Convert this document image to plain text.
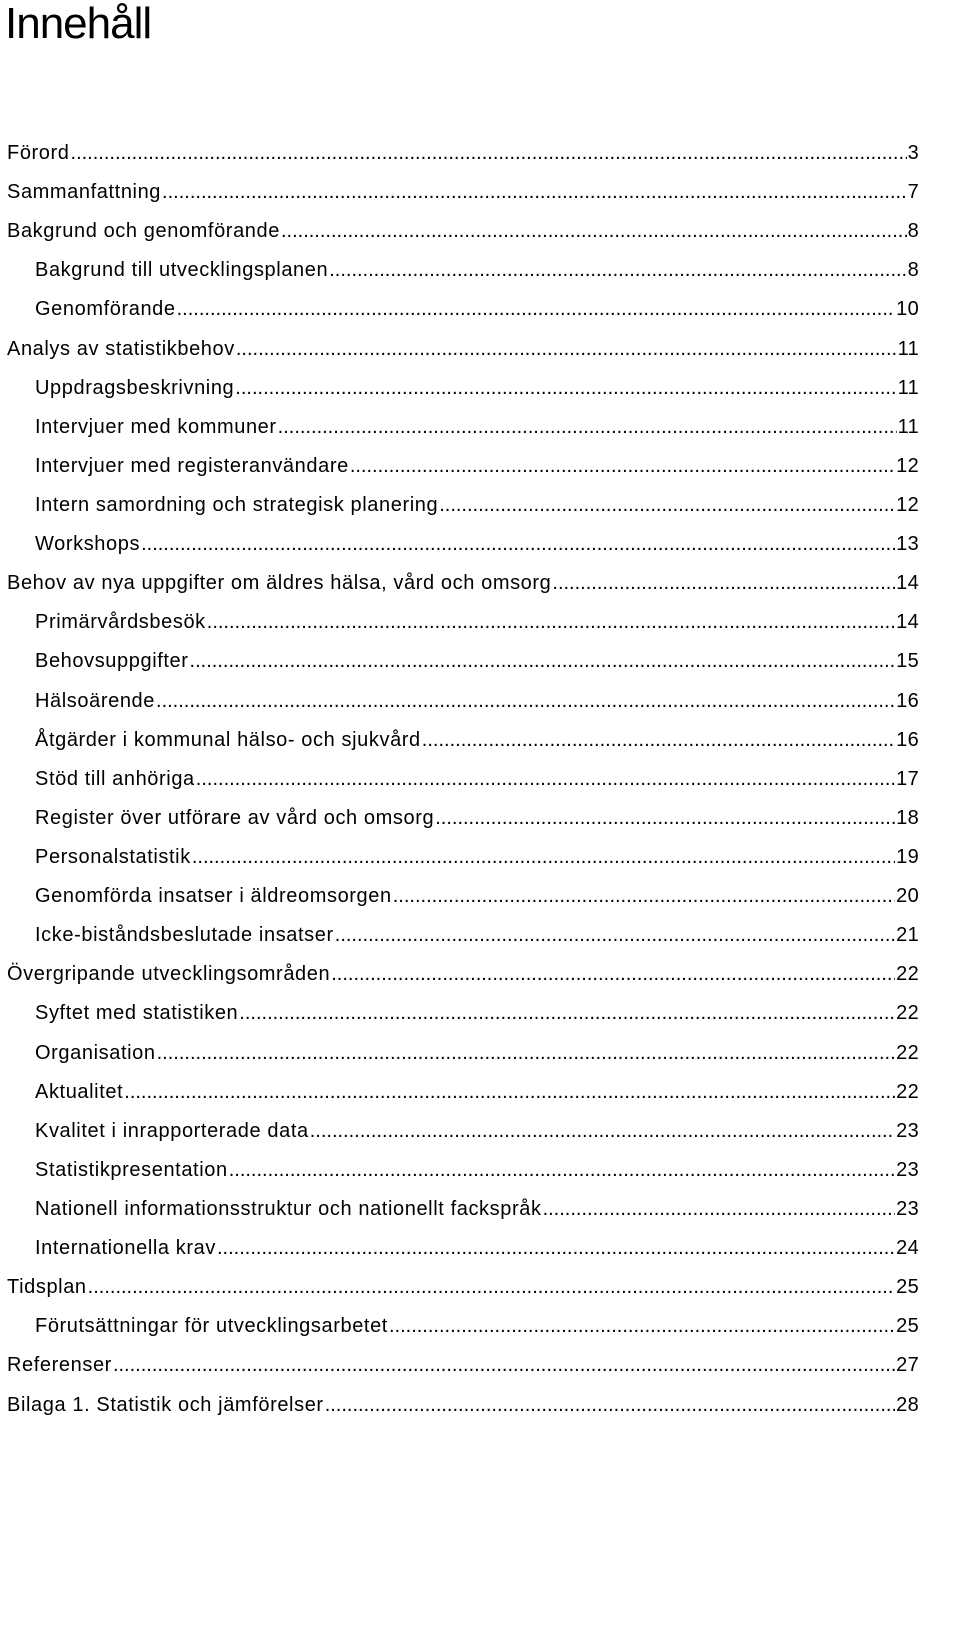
Innehåll
Förord .....	3
Sammanfattning .....	7
Bakgrund och genomförande .....	8
Bakgrund till utvecklingsplanen .....	8
Genomförande .....	10
Analys av statistikbehov .....	11
Uppdragsbeskrivning .....	11
Intervjuer med kommuner .....	11
Intervjuer med registeranvändare .....	12
Intern samordning och strategisk planering .....	12
Workshops .....	13
Behov av nya uppgifter om äldres hälsa, vård och omsorg .....	14
Primärvårdsbesök .....	14
Behovsuppgifter .....	15
Hälsoärende .....	16
Åtgärder i kommunal hälso- och sjukvård .....	16
Stöd till anhöriga .....	17
Register över utförare av vård och omsorg .....	18
Personalstatistik .....	19
Genomförda insatser i äldreomsorgen .....	20
Icke-biståndsbeslutade insatser .....	21
Övergripande utvecklingsområden .....	22
Syftet med statistiken .....	22
Organisation .....	22
Aktualitet .....	22
Kvalitet i inrapporterade data .....	23
Statistikpresentation .....	23
Nationell informationsstruktur och nationellt fackspråk .....	23
Internationella krav .....	24
Tidsplan .....	25
Förutsättningar för utvecklingsarbetet .....	25
Referenser .....	27
Bilaga 1. Statistik och jämförelser .....	28
